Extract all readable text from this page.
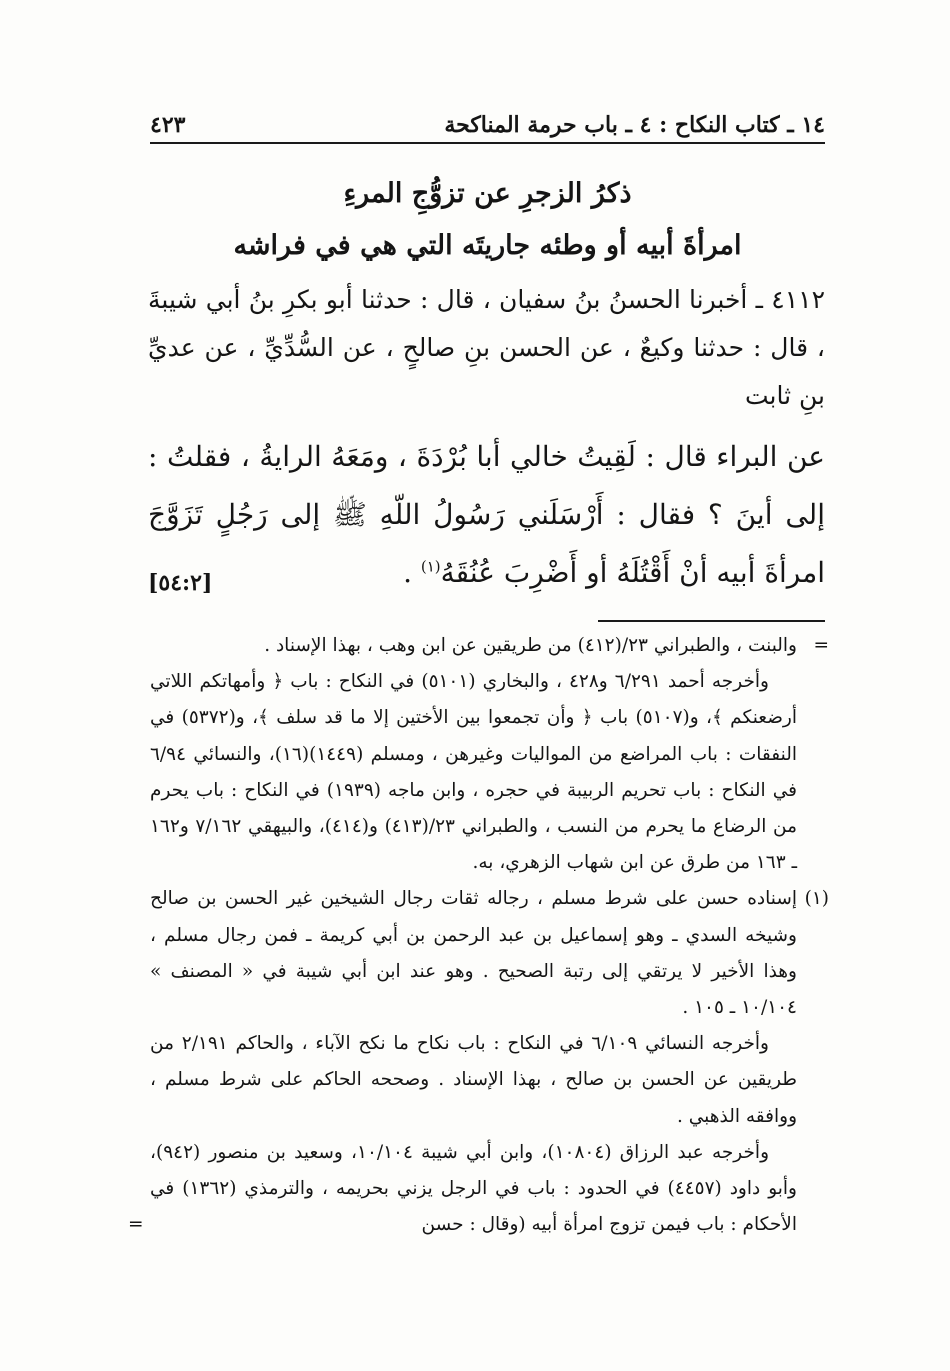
١٤ ـ كتاب النكاح : ٤ ـ باب حرمة المناكحة
٤٢٣
ذكرُ الزجرِ عن تزوُّجِ المرءِ
امرأةَ أبيه أو وطئه جاريتَه التي هي في فراشه
٤١١٢ ـ أخبرنا الحسنُ بنُ سفيان ، قال : حدثنا أبو بكرِ بنُ أبي شيبةَ ، قال : حدثنا وكيعٌ ، عن الحسن بنِ صالحٍ ، عن السُّدِّيِّ ، عن عديِّ بنِ ثابت
عن البراء قال : لَقِيتُ خالي أبا بُرْدَةَ ، ومَعَهُ الرايةُ ، فقلتُ : إلى أينَ ؟ فقال : أَرْسَلَني رَسُولُ اللّهِ ﷺ إلى رَجُلٍ تَزَوَّجَ امرأةَ أبيه أنْ أَقْتُلَهُ أو أَضْرِبَ عُنُقَهُ$^{(١)}$ .
[٥٤:٢]

=
والبنت ، والطبراني ٢٣/(٤١٢) من طريقين عن ابن وهب ، بهذا الإسناد .

وأخرجه أحمد ٦/٢٩١ و٤٢٨ ، والبخاري (٥١٠١) في النكاح : باب ﴿ وأمهاتكم اللاتي أرضعنكم ﴾، و(٥١٠٧) باب ﴿ وأن تجمعوا بين الأختين إلا ما قد سلف ﴾، و(٥٣٧٢) في النفقات : باب المراضع من المواليات وغيرهن ، ومسلم (١٤٤٩)(١٦)، والنسائي ٦/٩٤ في النكاح : باب تحريم الربيبة في حجره ، وابن ماجه (١٩٣٩) في النكاح : باب يحرم من الرضاع ما يحرم من النسب ، والطبراني ٢٣/(٤١٣) و(٤١٤)، والبيهقي ٧/١٦٢ و١٦٢ ـ ١٦٣ من طرق عن ابن شهاب الزهري، به.

(١)
إسناده حسن على شرط مسلم ، رجاله ثقات رجال الشيخين غير الحسن بن صالح وشيخه السدي ـ وهو إسماعيل بن عبد الرحمن بن أبي كريمة ـ فمن رجال مسلم ، وهذا الأخير لا يرتقي إلى رتبة الصحيح . وهو عند ابن أبي شيبة في « المصنف » ١٠/١٠٤ ـ ١٠٥ .

وأخرجه النسائي ٦/١٠٩ في النكاح : باب نكاح ما نكح الآباء ، والحاكم ٢/١٩١ من طريقين عن الحسن بن صالح ، بهذا الإسناد . وصححه الحاكم على شرط مسلم ، ووافقه الذهبي .

وأخرجه عبد الرزاق (١٠٨٠٤)، وابن أبي شيبة ١٠/١٠٤، وسعيد بن منصور (٩٤٢)، وأبو داود (٤٤٥٧) في الحدود : باب في الرجل يزني بحريمه ، والترمذي (١٣٦٢) في الأحكام : باب فيمن تزوج امرأة أبيه (وقال : حسن
=
